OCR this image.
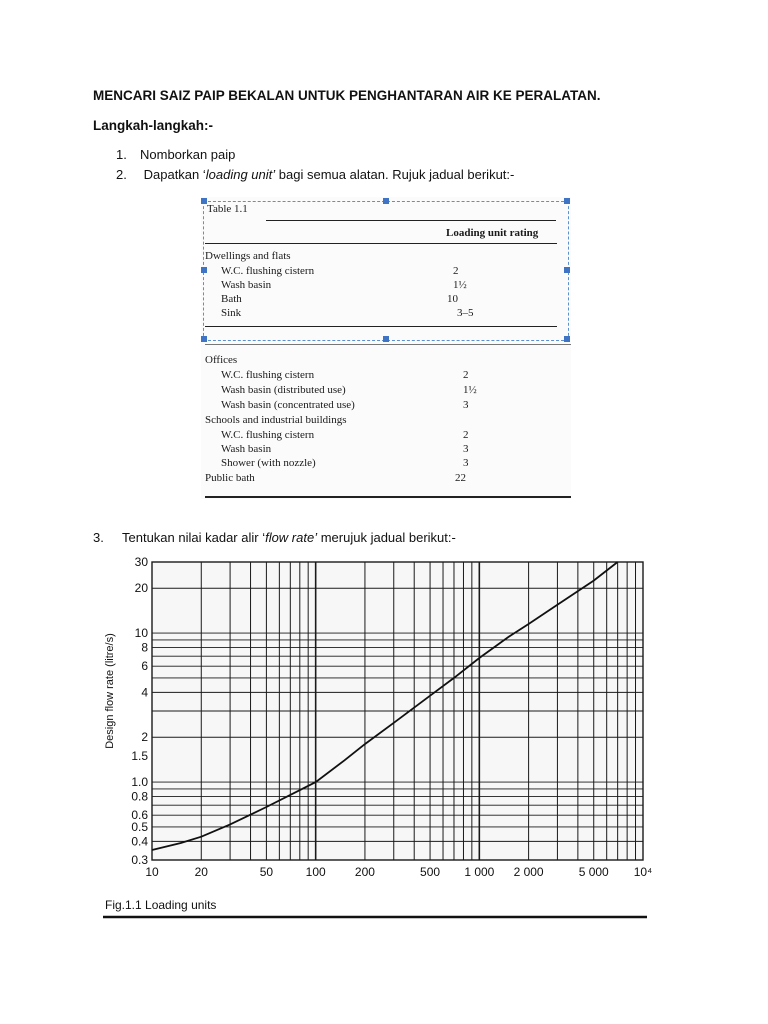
MENCARI SAIZ PAIP BEKALAN UNTUK PENGHANTARAN AIR KE PERALATAN.
Langkah-langkah:-
1. Nomborkan paip
2. Dapatkan ‘loading unit’ bagi semua alatan. Rujuk jadual berikut:-
Table 1.1
Loading unit rating
Dwellings and flats
W.C. flushing cistern	2
Wash basin	1½
Bath	10
Sink	3–5
Offices
W.C. flushing cistern	2
Wash basin (distributed use)	1½
Wash basin (concentrated use)	3
Schools and industrial buildings
W.C. flushing cistern	2
Wash basin	3
Shower (with nozzle)	3
Public bath	22
3. Tentukan nilai kadar alir ‘flow rate’ merujuk jadual berikut:-
10	20	50	100 200	500 1 000 2 000	5 000 10⁴
0.3
0.4
0.5
0.6
0.8
1.0
1.5
2
4
6
8
10
20
30
Design flow rate (litre/s)
Fig.1.1 Loading units
